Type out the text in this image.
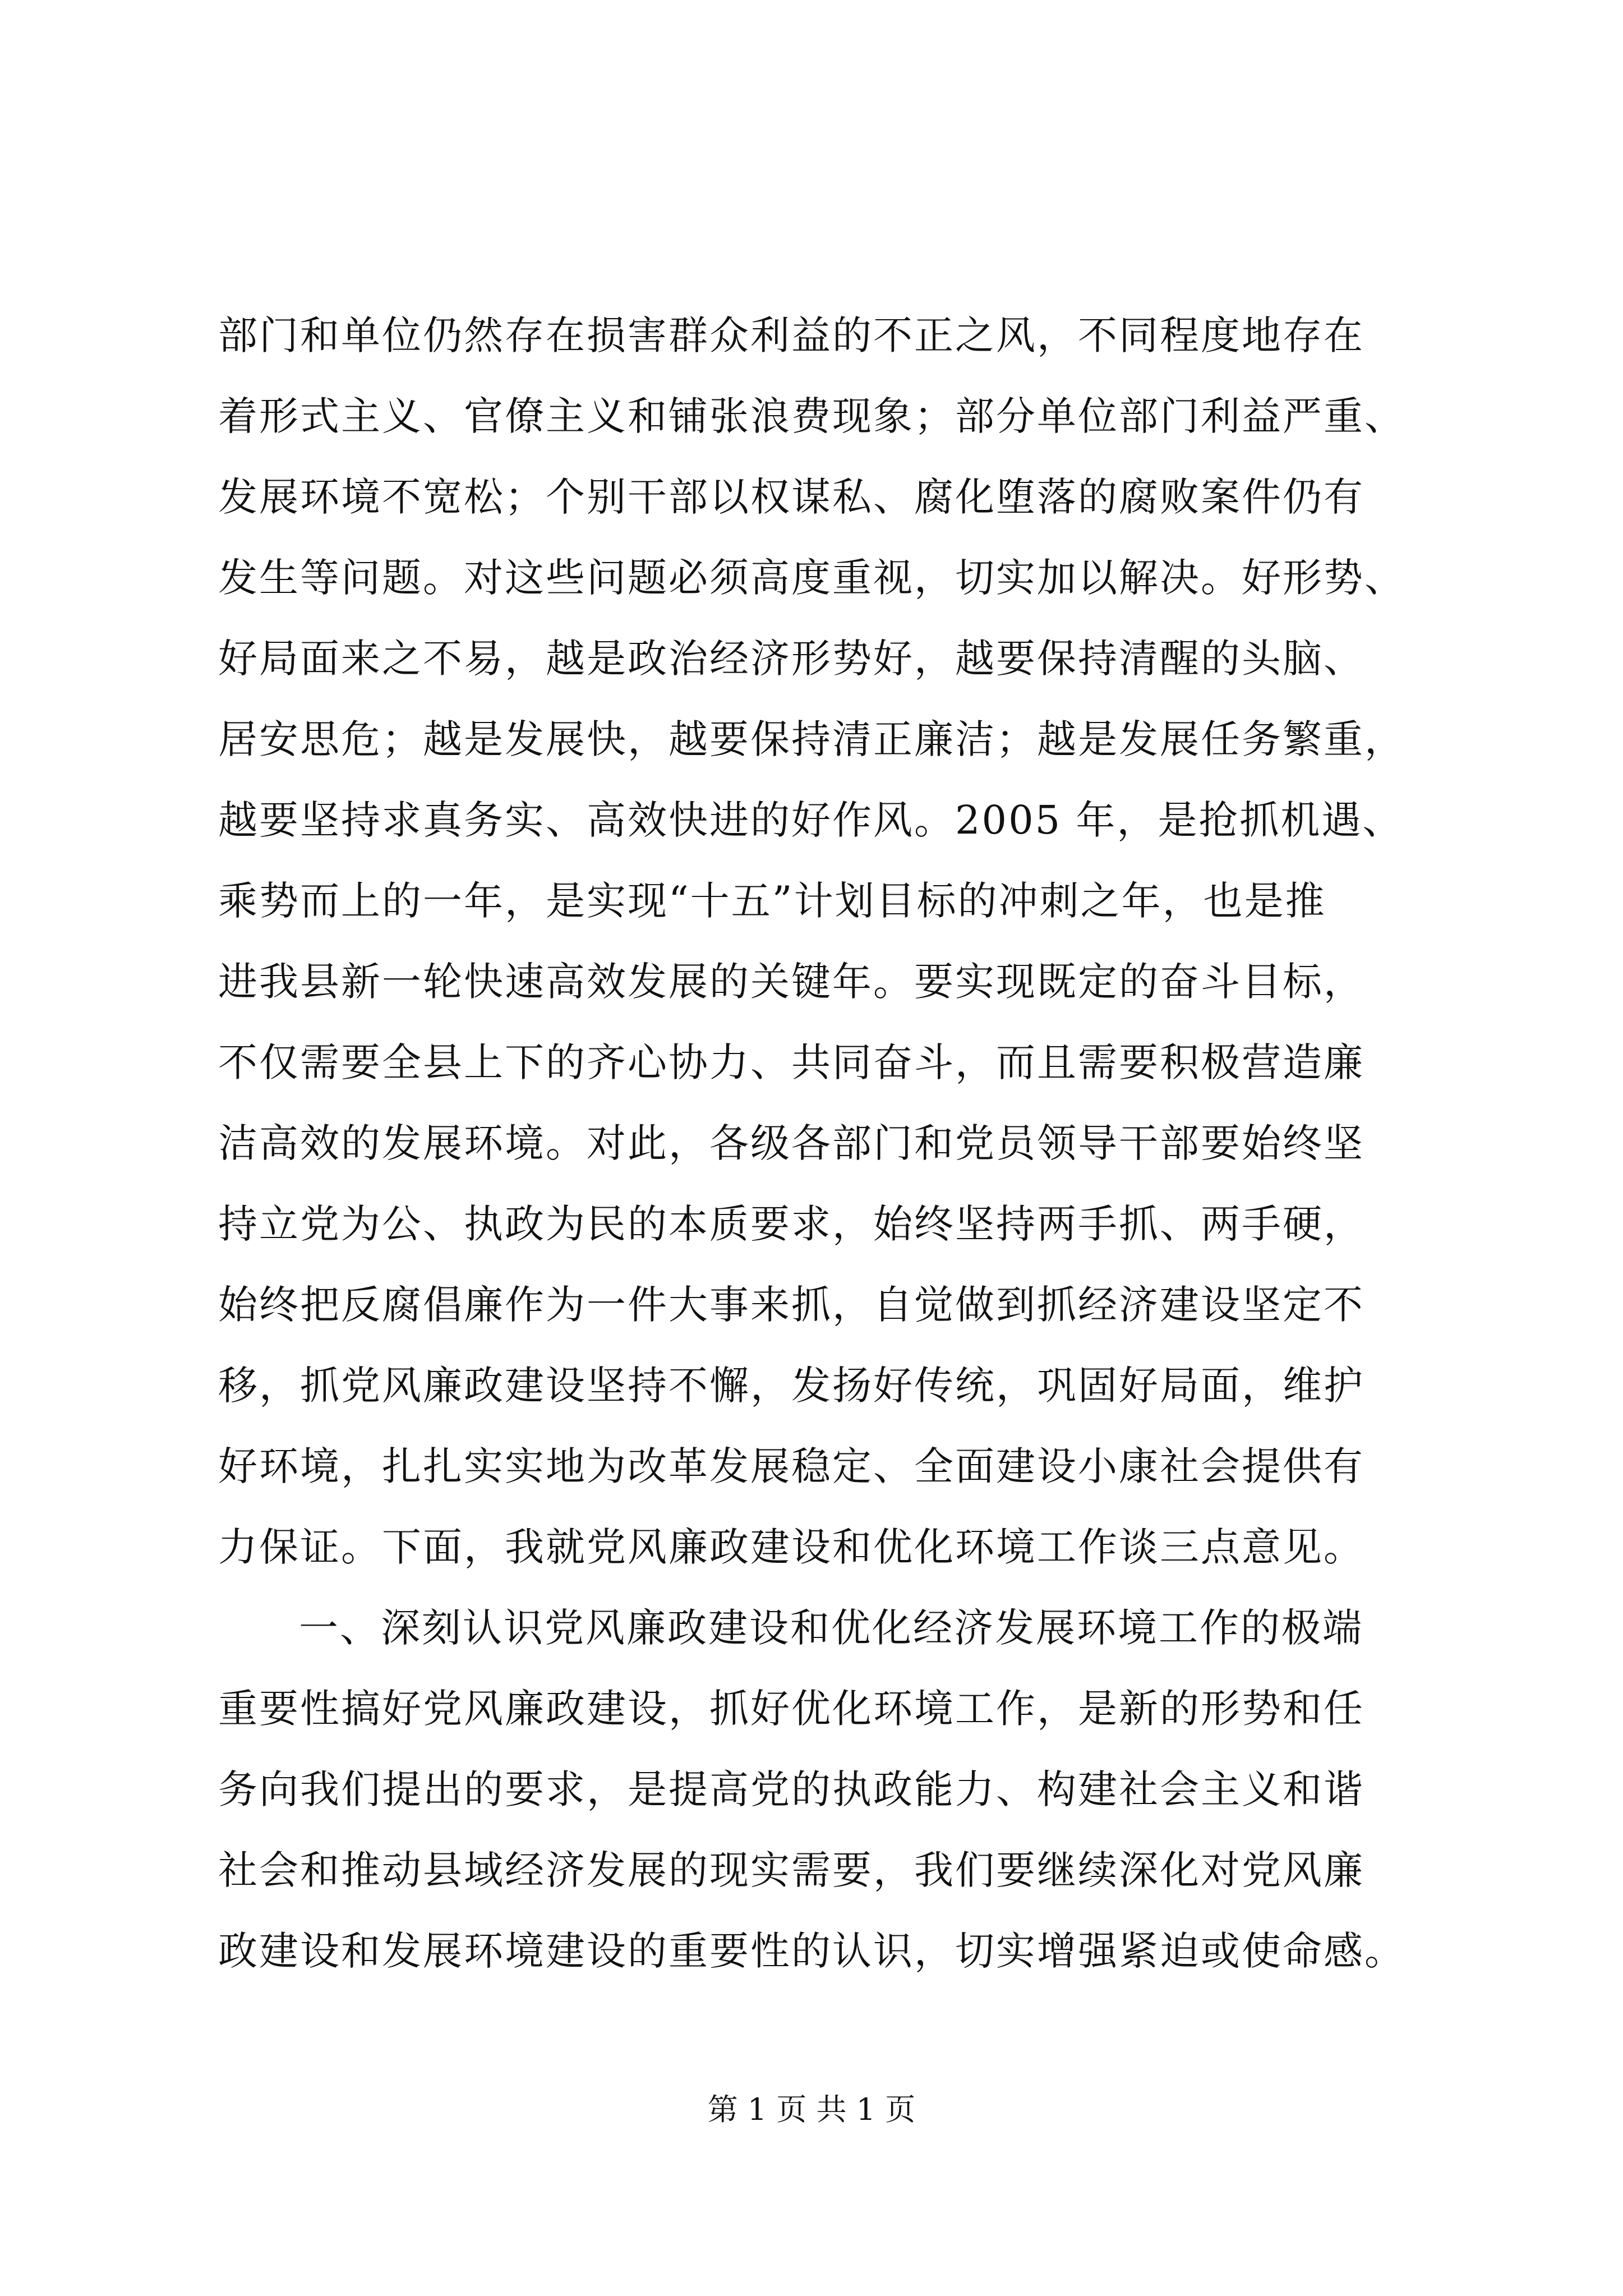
部门和单位仍然存在损害群众利益的不正之风，不同程度地存在
着形式主义、官僚主义和铺张浪费现象；部分单位部门利益严重、
发展环境不宽松；个别干部以权谋私、腐化堕落的腐败案件仍有
发生等问题。对这些问题必须高度重视，切实加以解决。好形势、
好局面来之不易，越是政治经济形势好，越要保持清醒的头脑、
居安思危；越是发展快，越要保持清正廉洁；越是发展任务繁重，
越要坚持求真务实、高效快进的好作风。2005 年，是抢抓机遇、
乘势而上的一年，是实现“十五”计划目标的冲刺之年，也是推
进我县新一轮快速高效发展的关键年。要实现既定的奋斗目标，
不仅需要全县上下的齐心协力、共同奋斗，而且需要积极营造廉
洁高效的发展环境。对此，各级各部门和党员领导干部要始终坚
持立党为公、执政为民的本质要求，始终坚持两手抓、两手硬，
始终把反腐倡廉作为一件大事来抓，自觉做到抓经济建设坚定不
移，抓党风廉政建设坚持不懈，发扬好传统，巩固好局面，维护
好环境，扎扎实实地为改革发展稳定、全面建设小康社会提供有
力保证。下面，我就党风廉政建设和优化环境工作谈三点意见。
一、深刻认识党风廉政建设和优化经济发展环境工作的极端
重要性搞好党风廉政建设，抓好优化环境工作，是新的形势和任
务向我们提出的要求，是提高党的执政能力、构建社会主义和谐
社会和推动县域经济发展的现实需要，我们要继续深化对党风廉
政建设和发展环境建设的重要性的认识，切实增强紧迫或使命感。
第 1 页 共 1 页
